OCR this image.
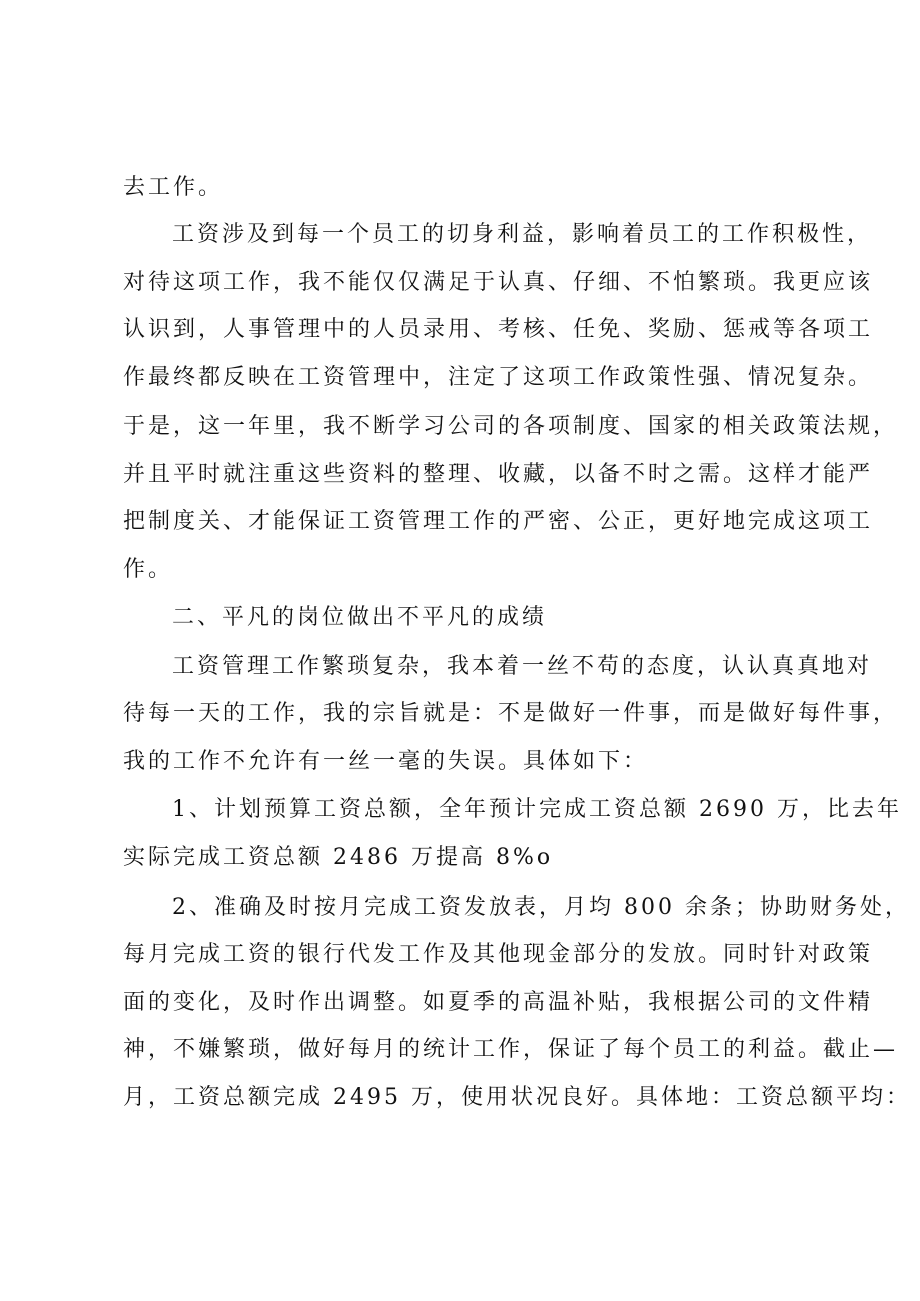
去工作。
工资涉及到每一个员工的切身利益，影响着员工的工作积极性，
对待这项工作，我不能仅仅满足于认真、仔细、不怕繁琐。我更应该
认识到，人事管理中的人员录用、考核、任免、奖励、惩戒等各项工
作最终都反映在工资管理中，注定了这项工作政策性强、情况复杂。
于是，这一年里，我不断学习公司的各项制度、国家的相关政策法规，
并且平时就注重这些资料的整理、收藏，以备不时之需。这样才能严
把制度关、才能保证工资管理工作的严密、公正，更好地完成这项工
作。
二、平凡的岗位做出不平凡的成绩
工资管理工作繁琐复杂，我本着一丝不苟的态度，认认真真地对
待每一天的工作，我的宗旨就是：不是做好一件事，而是做好每件事，
我的工作不允许有一丝一毫的失误。具体如下：
1、计划预算工资总额，全年预计完成工资总额 2690 万，比去年
实际完成工资总额 2486 万提高 8%o
2、准确及时按月完成工资发放表，月均 800 余条；协助财务处，
每月完成工资的银行代发工作及其他现金部分的发放。同时针对政策
面的变化，及时作出调整。如夏季的高温补贴，我根据公司的文件精
神，不嫌繁琐，做好每月的统计工作，保证了每个员工的利益。截止—
月，工资总额完成 2495 万，使用状况良好。具体地：工资总额平均：
